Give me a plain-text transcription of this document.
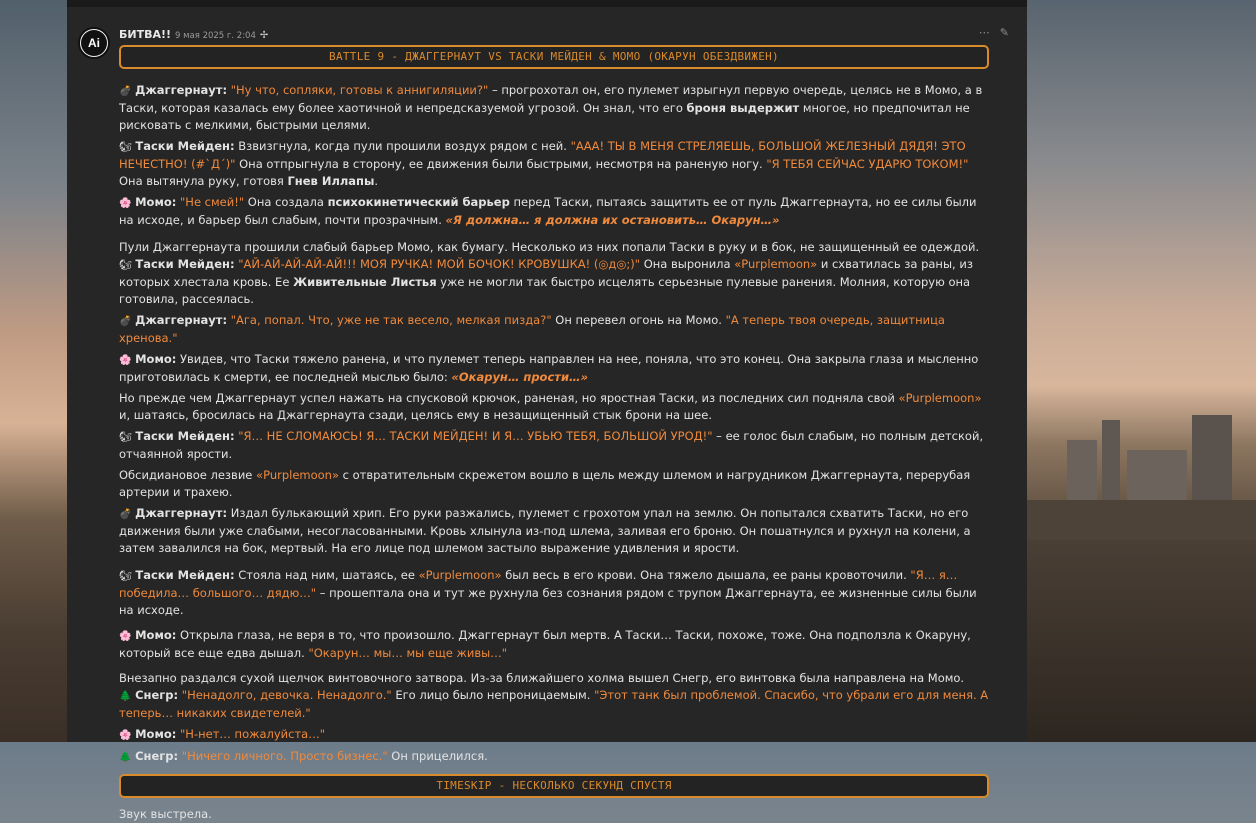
Ai
БИТВА!! 9 мая 2025 г. 2:04 ✢	⋯ ✎
BATTLE 9 - ДЖАГГЕРНАУТ VS ТАСКИ МЕЙДЕН & МОМО (ОКАРУН ОБЕЗДВИЖЕН)

💣 Джаггернаут: "Ну что, сопляки, готовы к аннигиляции?" – прогрохотал он, его пулемет изрыгнул первую очередь, целясь не в Момо, а в Таски, которая казалась ему более хаотичной и непредсказуемой угрозой. Он знал, что его броня выдержит многое, но предпочитал не рисковать с мелкими, быстрыми целями.

🐿 Таски Мейден: Взвизгнула, когда пули прошили воздух рядом с ней. "ААА! ТЫ В МЕНЯ СТРЕЛЯЕШЬ, БОЛЬШОЙ ЖЕЛЕЗНЫЙ ДЯДЯ! ЭТО НЕЧЕСТНО! (#`Д´)" Она отпрыгнула в сторону, ее движения были быстрыми, несмотря на раненую ногу. "Я ТЕБЯ СЕЙЧАС УДАРЮ ТОКОМ!" Она вытянула руку, готовя Гнев Иллапы.

🌸 Момо: "Не смей!" Она создала психокинетический барьер перед Таски, пытаясь защитить ее от пуль Джаггернаута, но ее силы были на исходе, и барьер был слабым, почти прозрачным. «Я должна… я должна их остановить… Окарун…»

Пули Джаггернаута прошили слабый барьер Момо, как бумагу. Несколько из них попали Таски в руку и в бок, не защищенный ее одеждой.

🐿 Таски Мейден: "АЙ-АЙ-АЙ-АЙ-АЙ!!! МОЯ РУЧКА! МОЙ БОЧОК! КРОВУШКА! (◎д◎;)" Она выронила «Purplemoon» и схватилась за раны, из которых хлестала кровь. Ее Живительные Листья уже не могли так быстро исцелять серьезные пулевые ранения. Молния, которую она готовила, рассеялась.

💣 Джаггернаут: "Ага, попал. Что, уже не так весело, мелкая пизда?" Он перевел огонь на Момо. "А теперь твоя очередь, защитница хренова."

🌸 Момо: Увидев, что Таски тяжело ранена, и что пулемет теперь направлен на нее, поняла, что это конец. Она закрыла глаза и мысленно приготовилась к смерти, ее последней мыслью было: «Окарун… прости…»

Но прежде чем Джаггернаут успел нажать на спусковой крючок, раненая, но яростная Таски, из последних сил подняла свой «Purplemoon» и, шатаясь, бросилась на Джаггернаута сзади, целясь ему в незащищенный стык брони на шее.

🐿 Таски Мейден: "Я… НЕ СЛОМАЮСЬ! Я… ТАСКИ МЕЙДЕН! И Я… УБЬЮ ТЕБЯ, БОЛЬШОЙ УРОД!" – ее голос был слабым, но полным детской, отчаянной ярости.

Обсидиановое лезвие «Purplemoon» с отвратительным скрежетом вошло в щель между шлемом и нагрудником Джаггернаута, перерубая артерии и трахею.

💣 Джаггернаут: Издал булькающий хрип. Его руки разжались, пулемет с грохотом упал на землю. Он попытался схватить Таски, но его движения были уже слабыми, несогласованными. Кровь хлынула из-под шлема, заливая его броню. Он пошатнулся и рухнул на колени, а затем завалился на бок, мертвый. На его лице под шлемом застыло выражение удивления и ярости.

🐿 Таски Мейден: Стояла над ним, шатаясь, ее «Purplemoon» был весь в его крови. Она тяжело дышала, ее раны кровоточили. "Я… я… победила… большого… дядю…" – прошептала она и тут же рухнула без сознания рядом с трупом Джаггернаута, ее жизненные силы были на исходе.

🌸 Момо: Открыла глаза, не веря в то, что произошло. Джаггернаут был мертв. А Таски… Таски, похоже, тоже. Она подползла к Окаруну, который все еще едва дышал. "Окарун… мы… мы еще живы…"

Внезапно раздался сухой щелчок винтовочного затвора. Из-за ближайшего холма вышел Снегр, его винтовка была направлена на Момо.

🌲 Снегр: "Ненадолго, девочка. Ненадолго." Его лицо было непроницаемым. "Этот танк был проблемой. Спасибо, что убрали его для меня. А теперь… никаких свидетелей."

🌸 Момо: "Н-нет… пожалуйста…"

🌲 Снегр: "Ничего личного. Просто бизнес." Он прицелился.

TIMESKIP - НЕСКОЛЬКО СЕКУНД СПУСТЯ

Звук выстрела.
